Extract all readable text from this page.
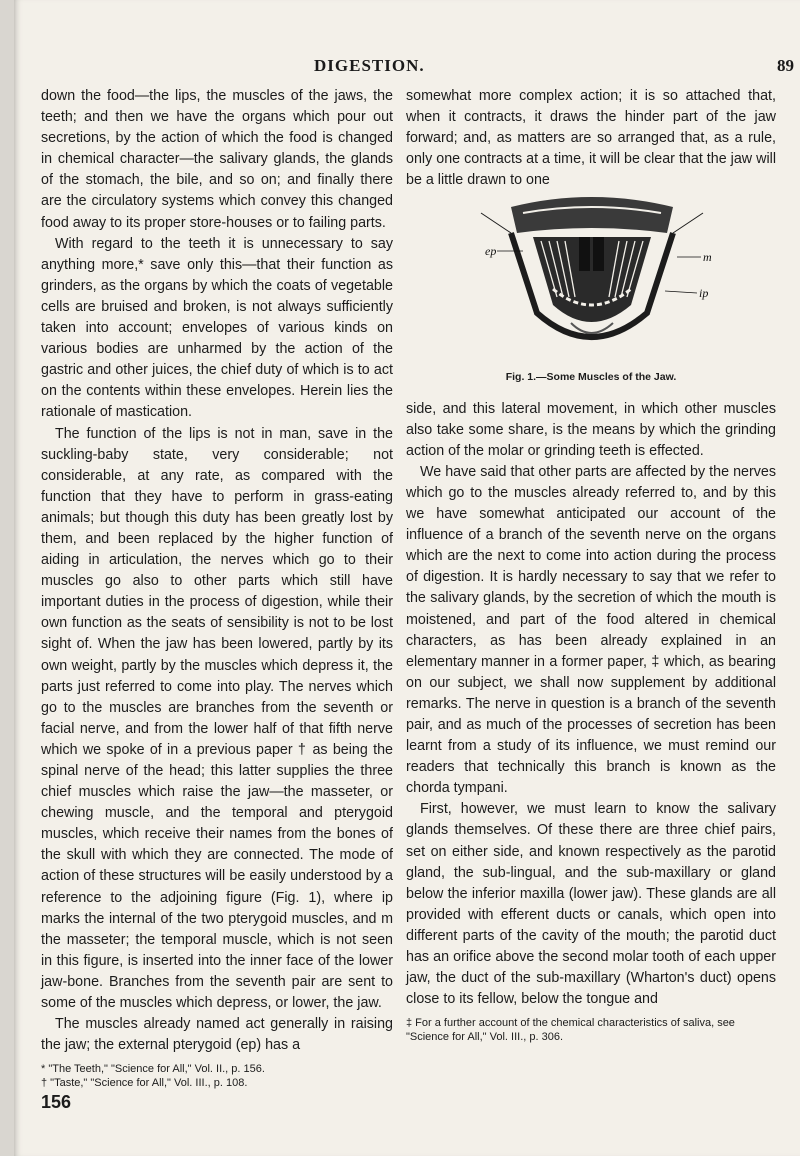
DIGESTION.	89

down the food—the lips, the muscles of the jaws, the teeth; and then we have the organs which pour out secretions, by the action of which the food is changed in chemical character—the salivary glands, the glands of the stomach, the bile, and so on; and finally there are the circulatory systems which convey this changed food away to its proper store-houses or to failing parts.

With regard to the teeth it is unnecessary to say anything more,* save only this—that their function as grinders, as the organs by which the coats of vegetable cells are bruised and broken, is not always sufficiently taken into account; envelopes of various kinds on various bodies are unharmed by the action of the gastric and other juices, the chief duty of which is to act on the contents within these envelopes. Herein lies the rationale of mastication.

The function of the lips is not in man, save in the suckling-baby state, very considerable; not considerable, at any rate, as compared with the function that they have to perform in grass-eating animals; but though this duty has been greatly lost by them, and been replaced by the higher function of aiding in articulation, the nerves which go to their muscles go also to other parts which still have important duties in the process of digestion, while their own function as the seats of sensibility is not to be lost sight of. When the jaw has been lowered, partly by its own weight, partly by the muscles which depress it, the parts just referred to come into play. The nerves which go to the muscles are branches from the seventh or facial nerve, and from the lower half of that fifth nerve which we spoke of in a previous paper † as being the spinal nerve of the head; this latter supplies the three chief muscles which raise the jaw—the masseter, or chewing muscle, and the temporal and pterygoid muscles, which receive their names from the bones of the skull with which they are connected. The mode of action of these structures will be easily understood by a reference to the adjoining figure (Fig. 1), where ip marks the internal of the two pterygoid muscles, and m the masseter; the temporal muscle, which is not seen in this figure, is inserted into the inner face of the lower jaw-bone. Branches from the seventh pair are sent to some of the muscles which depress, or lower, the jaw.

The muscles already named act generally in raising the jaw; the external pterygoid (ep) has a

* "The Teeth," "Science for All," Vol. II., p. 156.
† "Taste," "Science for All," Vol. III., p. 108.
156

somewhat more complex action; it is so attached that, when it contracts, it draws the hinder part of the jaw forward; and, as matters are so arranged that, as a rule, only one contracts at a time, it will be clear that the jaw will be a little drawn to one

ep	m
ip
Fig. 1.—Some Muscles of the Jaw.

side, and this lateral movement, in which other muscles also take some share, is the means by which the grinding action of the molar or grinding teeth is effected.

We have said that other parts are affected by the nerves which go to the muscles already referred to, and by this we have somewhat anticipated our account of the influence of a branch of the seventh nerve on the organs which are the next to come into action during the process of digestion. It is hardly necessary to say that we refer to the salivary glands, by the secretion of which the mouth is moistened, and part of the food altered in chemical characters, as has been already explained in an elementary manner in a former paper, ‡ which, as bearing on our subject, we shall now supplement by additional remarks. The nerve in question is a branch of the seventh pair, and as much of the processes of secretion has been learnt from a study of its influence, we must remind our readers that technically this branch is known as the chorda tympani.

First, however, we must learn to know the salivary glands themselves. Of these there are three chief pairs, set on either side, and known respectively as the parotid gland, the sub-lingual, and the sub-maxillary or gland below the inferior maxilla (lower jaw). These glands are all provided with efferent ducts or canals, which open into different parts of the cavity of the mouth; the parotid duct has an orifice above the second molar tooth of each upper jaw, the duct of the sub-maxillary (Wharton's duct) opens close to its fellow, below the tongue and

‡ For a further account of the chemical characteristics of saliva, see "Science for All," Vol. III., p. 306.
